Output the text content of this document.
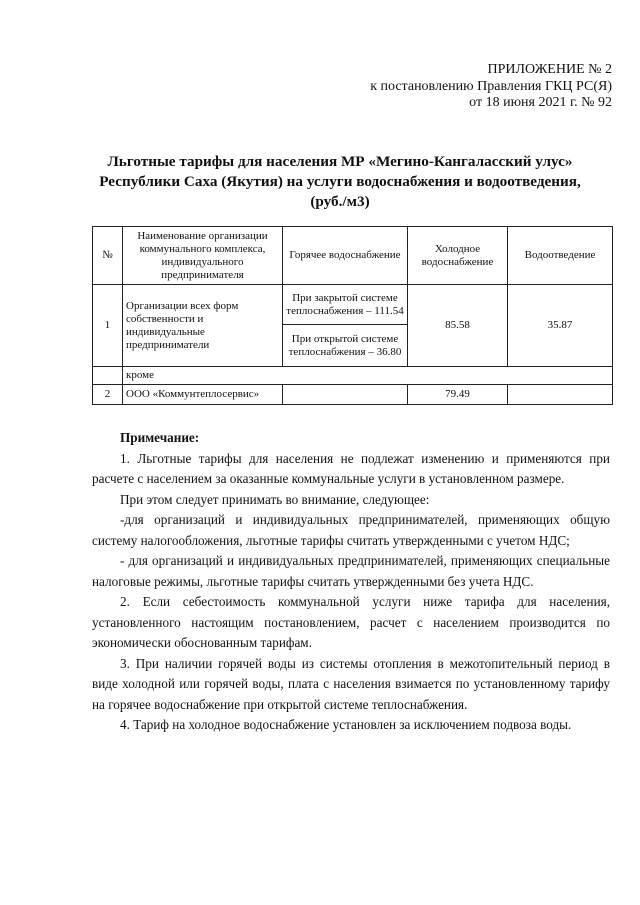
ПРИЛОЖЕНИЕ № 2
к постановлению Правления ГКЦ РС(Я)
от 18 июня 2021 г. № 92
Льготные тарифы для населения МР «Мегино-Кангаласский улус»
Республики Саха (Якутия) на услуги водоснабжения и водоотведения,
(руб./м3)
№	Наименование организации коммунального комплекса, индивидуального предпринимателя	Горячее водоснабжение	Холодное водоснабжение	Водоотведение
1	Организации всех форм собственности и индивидуальные предприниматели	При закрытой системе теплоснабжения – 111.54	85.58	35.87
		При открытой системе теплоснабжения – 36.80		
	кроме			
2	ООО «Коммунтеплосервис»		79.49	
Примечание:

1. Льготные тарифы для населения не подлежат изменению и применяются при расчете с населением за оказанные коммунальные услуги в установленном размере.

При этом следует принимать во внимание, следующее:

-для организаций и индивидуальных предпринимателей, применяющих общую систему налогообложения, льготные тарифы считать утвержденными с учетом НДС;

- для организаций и индивидуальных предпринимателей, применяющих специальные налоговые режимы, льготные тарифы считать утвержденными без учета НДС.

2. Если себестоимость коммунальной услуги ниже тарифа для населения, установленного настоящим постановлением, расчет с населением производится по экономически обоснованным тарифам.

3. При наличии горячей воды из системы отопления в межотопительный период в виде холодной или горячей воды, плата с населения взимается по установленному тарифу на горячее водоснабжение при открытой системе теплоснабжения.

4. Тариф на холодное водоснабжение установлен за исключением подвоза воды.
